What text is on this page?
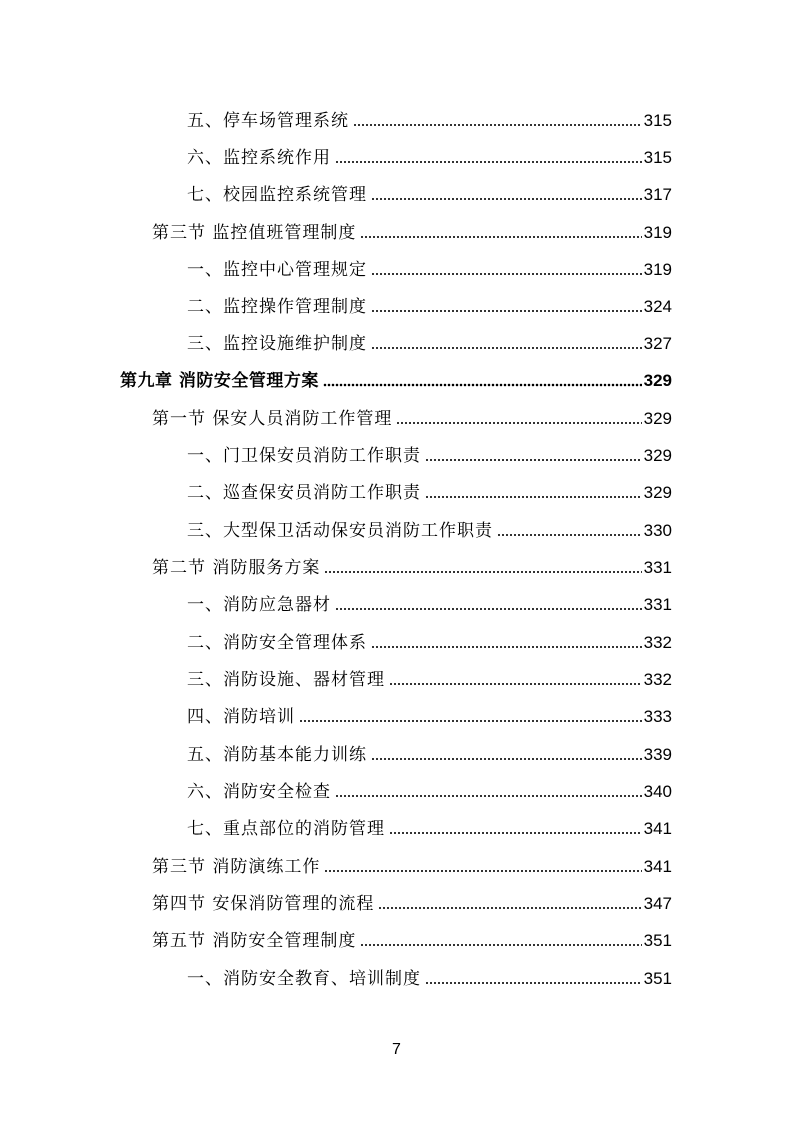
五、停车场管理系统	315
六、监控系统作用	315
七、校园监控系统管理	317
第三节 监控值班管理制度	319
一、监控中心管理规定	319
二、监控操作管理制度	324
三、监控设施维护制度	327
第九章 消防安全管理方案	329
第一节 保安人员消防工作管理	329
一、门卫保安员消防工作职责	329
二、巡查保安员消防工作职责	329
三、大型保卫活动保安员消防工作职责	330
第二节 消防服务方案	331
一、消防应急器材	331
二、消防安全管理体系	332
三、消防设施、器材管理	332
四、消防培训	333
五、消防基本能力训练	339
六、消防安全检查	340
七、重点部位的消防管理	341
第三节 消防演练工作	341
第四节 安保消防管理的流程	347
第五节 消防安全管理制度	351
一、消防安全教育、培训制度	351
7
